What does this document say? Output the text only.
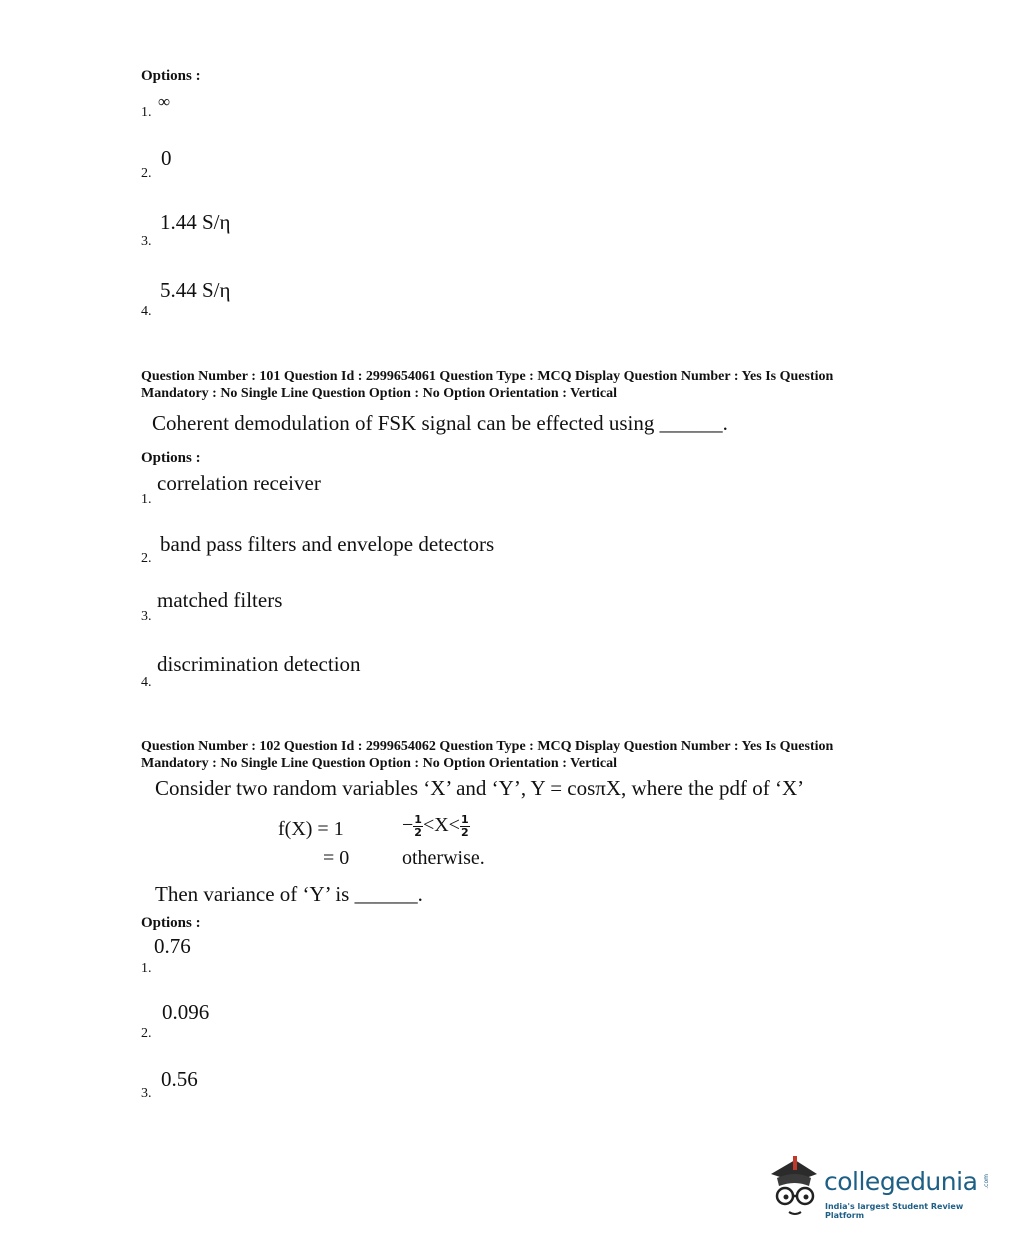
Options :
∞
1.
0
2.
1.44 S/η
3.
5.44 S/η
4.
Question Number : 101 Question Id : 2999654061 Question Type : MCQ Display Question Number : Yes Is Question
Mandatory : No Single Line Question Option : No Option Orientation : Vertical
Coherent demodulation of FSK signal can be effected using ______.
Options :
correlation receiver
1.
band pass filters and envelope detectors
2.
matched filters
3.
discrimination detection
4.
Question Number : 102 Question Id : 2999654062 Question Type : MCQ Display Question Number : Yes Is Question
Mandatory : No Single Line Question Option : No Option Orientation : Vertical
Consider two random variables ‘X’ and ‘Y’, Y = cosπX, where the pdf of ‘X’
f(X) = 1	− $\frac{1}{2} <X< \frac{1}{2}$
= 0	otherwise.
Then variance of ‘Y’ is ______.
Options :
0.76
1.
0.096
2.
0.56
3.
collegedunia .com
India's largest Student Review Platform
